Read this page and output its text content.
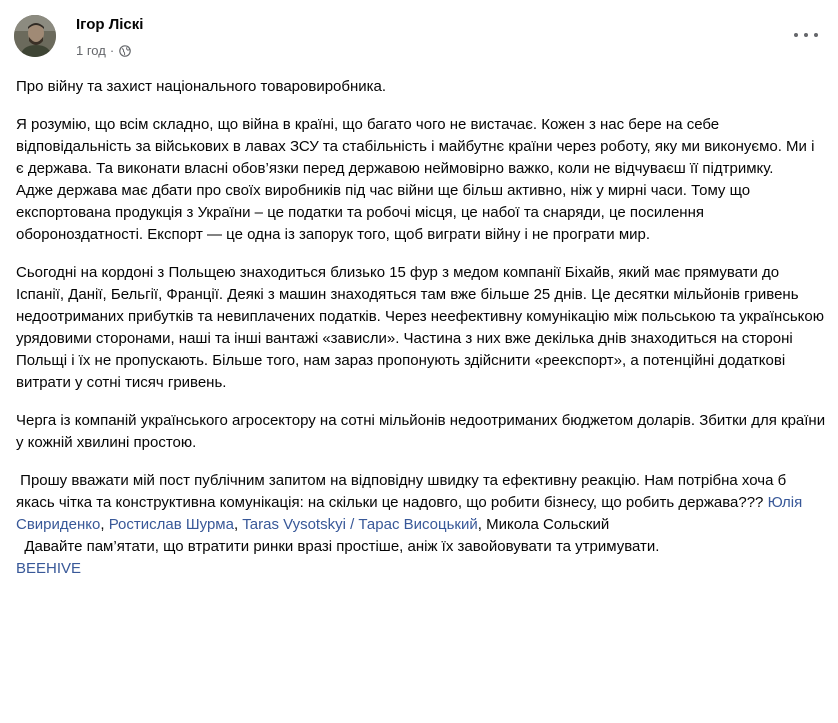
Ігор Ліскі
1 год ·

Про війну та захист національного товаровиробника.

Я розумію, що всім складно, що війна в країні, що багато чого не вистачає. Кожен з нас бере на себе відповідальність за військових в лавах ЗСУ та стабільність і майбутнє країни через роботу, яку ми виконуємо. Ми і є держава. Та виконати власні обов’язки перед державою неймовірно важко, коли не відчуваєш її підтримку.

Адже держава має дбати про своїх виробників під час війни ще більш активно, ніж у мирні часи. Тому що експортована продукція з України – це податки та робочі місця, це набої та снаряди, це посилення обороноздатності. Експорт — це одна із запорук того, щоб виграти війну і не програти мир.

Сьогодні на кордоні з Польщею знаходиться близько 15 фур з медом компанії Біхайв, який має прямувати до Іспанії, Данії, Бельгії, Франції. Деякі з машин знаходяться там вже більше 25 днів. Це десятки мільйонів гривень недоотриманих прибутків та невиплачених податків. Через неефективну комунікацію між польською та українською урядовими сторонами, наші та інші вантажі «зависли». Частина з них вже декілька днів знаходиться на стороні Польщі і їх не пропускають. Більше того, нам зараз пропонують здійснити «реекспорт», а потенційні додаткові витрати у сотні тисяч гривень.

Черга із компаній українського агросектору на сотні мільйонів недоотриманих бюджетом доларів. Збитки для країни у кожній хвилині простою.

Прошу вважати мій пост публічним запитом на відповідну швидку та ефективну реакцію. Нам потрібна хоча б якась чітка та конструктивна комунікація: на скільки це надовго, що робити бізнесу, що робить держава??? Юлія Свириденко, Ростислав Шурма, Taras Vysotskyi / Тарас Висоцький, Микола Сольский

Давайте пам’ятати, що втратити ринки вразі простіше, аніж їх завойовувати та утримувати.

BEEHIVE
